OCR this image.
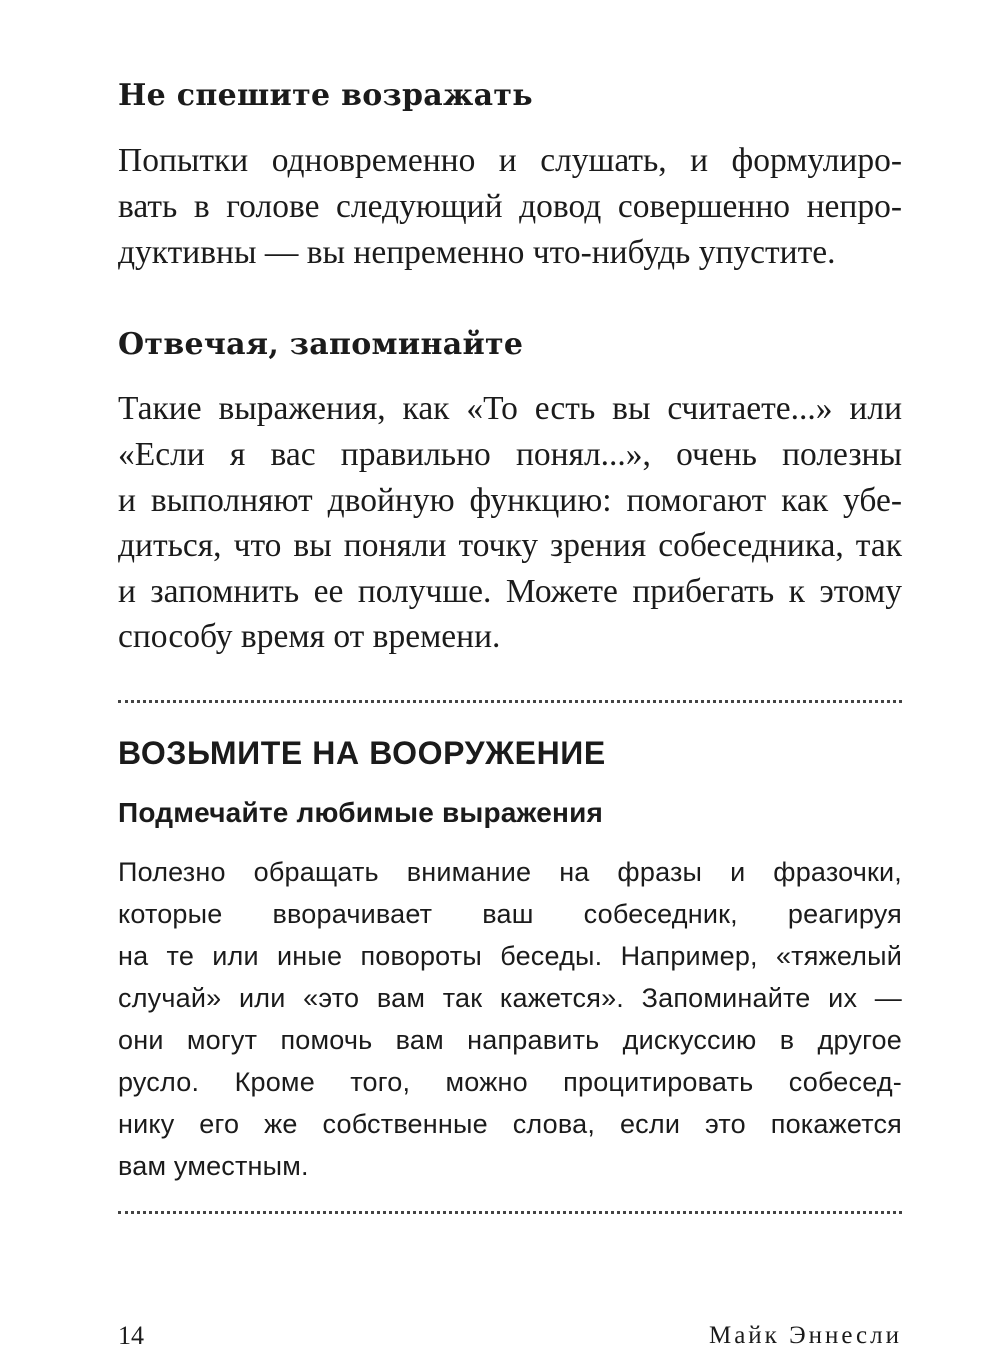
Не спешите возражать

Попытки одновременно и слушать, и формулиро-

вать в голове следующий довод совершенно непро-

дуктивны — вы непременно что-нибудь упустите.

Отвечая, запоминайте

Такие выражения, как «То есть вы считаете...» или

«Если я вас правильно понял...», очень полезны

и выполняют двойную функцию: помогают как убе-

диться, что вы поняли точку зрения собеседника, так

и запомнить ее получше. Можете прибегать к этому

способу время от времени.

ВОЗЬМИТЕ НА ВООРУЖЕНИЕ
Подмечайте любимые выражения

Полезно обращать внимание на фразы и фразочки,

которые вворачивает ваш собеседник, реагируя

на те или иные повороты беседы. Например, «тяжелый

случай» или «это вам так кажется». Запоминайте их —

они могут помочь вам направить дискуссию в другое

русло. Кроме того, можно процитировать собесед-

нику его же собственные слова, если это покажется

вам уместным.

14	Майк Эннесли
